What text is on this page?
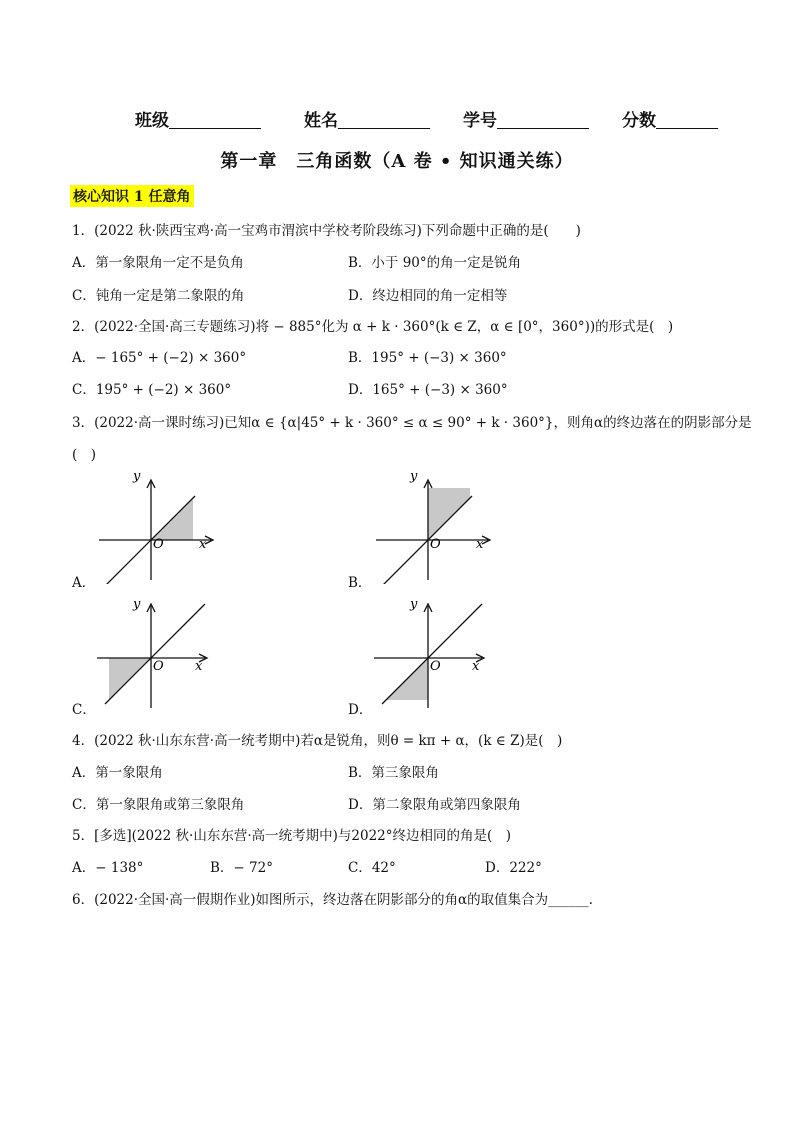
班级	姓名	学号	分数
第一章　三角函数（A 卷 • 知识通关练）
核心知识 1 任意角
1．(2022 秋·陕西宝鸡·高一宝鸡市渭滨中学校考阶段练习)下列命题中正确的是(　　)
A．第一象限角一定不是负角	B．小于 90°的角一定是锐角
C．钝角一定是第二象限的角	D．终边相同的角一定相等
2．(2022·全国·高三专题练习)将 − 885°化为 α + k · 360°(k ∈ Z，α ∈ [0°，360°))的形式是(　)
A．− 165° + (−2) × 360°	B．195° + (−3) × 360°
C．195° + (−2) × 360°	D．165° + (−3) × 360°
3．(2022·高一课时练习)已知α ∈ {α|45° + k · 360° ≤ α ≤ 90° + k · 360°}，则角α的终边落在的阴影部分是
(　)
y
x
O
A．
y
x
O
B．
y
x
O
C．
y
x
O
D．
4．(2022 秋·山东东营·高一统考期中)若α是锐角，则θ = kπ + α，(k ∈ Z)是(　)
A．第一象限角	B．第三象限角
C．第一象限角或第三象限角	D．第二象限角或第四象限角
5．[多选](2022 秋·山东东营·高一统考期中)与2022°终边相同的角是(　)
A．− 138°	B．− 72°	C．42°	D．222°
6．(2022·全国·高一假期作业)如图所示，终边落在阴影部分的角α的取值集合为______.
